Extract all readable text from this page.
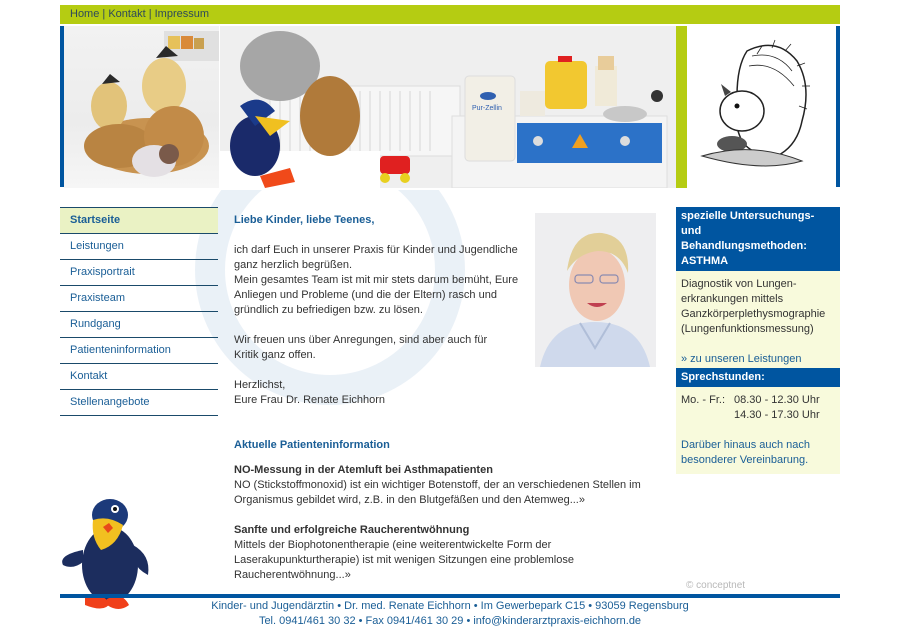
Home | Kontakt | Impressum
Pur-Zellin
Startseite
Leistungen
Praxisportrait
Praxisteam
Rundgang
Patienteninformation
Kontakt
Stellenangebote
Liebe Kinder, liebe Teenes,
ich darf Euch in unserer Praxis für Kinder und Jugendliche
ganz herzlich begrüßen.
Mein gesamtes Team ist mit mir stets darum bemüht, Eure
Anliegen und Probleme (und die der Eltern) rasch und
gründlich zu befriedigen bzw. zu lösen.
Wir freuen uns über Anregungen, sind aber auch für
Kritik ganz offen.
Herzlichst,
Eure Frau Dr. Renate Eichhorn
Aktuelle Patienteninformation
NO-Messung in der Atemluft bei Asthmapatienten
NO (Stickstoffmonoxid) ist ein wichtiger Botenstoff, der an verschiedenen Stellen im
Organismus gebildet wird, z.B. in den Blutgefäßen und den Atemweg...»
Sanfte und erfolgreiche Raucherentwöhnung
Mittels der Biophotonentherapie (eine weiterentwickelte Form der
Laserakupunkturtherapie) ist mit wenigen Sitzungen eine problemlose
Raucherentwöhnung...»
spezielle Untersuchungs- und
Behandlungsmethoden:
ASTHMA
Diagnostik von Lungen-
erkrankungen mittels
Ganzkörperplethysmographie
(Lungenfunktionsmessung)
» zu unseren Leistungen
Sprechstunden:
Mo. - Fr.: 08.30 - 12.30 Uhr
14.30 - 17.30 Uhr
Darüber hinaus auch nach
besonderer Vereinbarung.
© conceptnet
Kinder- und Jugendärztin • Dr. med. Renate Eichhorn • Im Gewerbepark C15 • 93059 Regensburg
Tel. 0941/461 30 32 • Fax 0941/461 30 29 • info@kinderarztpraxis-eichhorn.de
